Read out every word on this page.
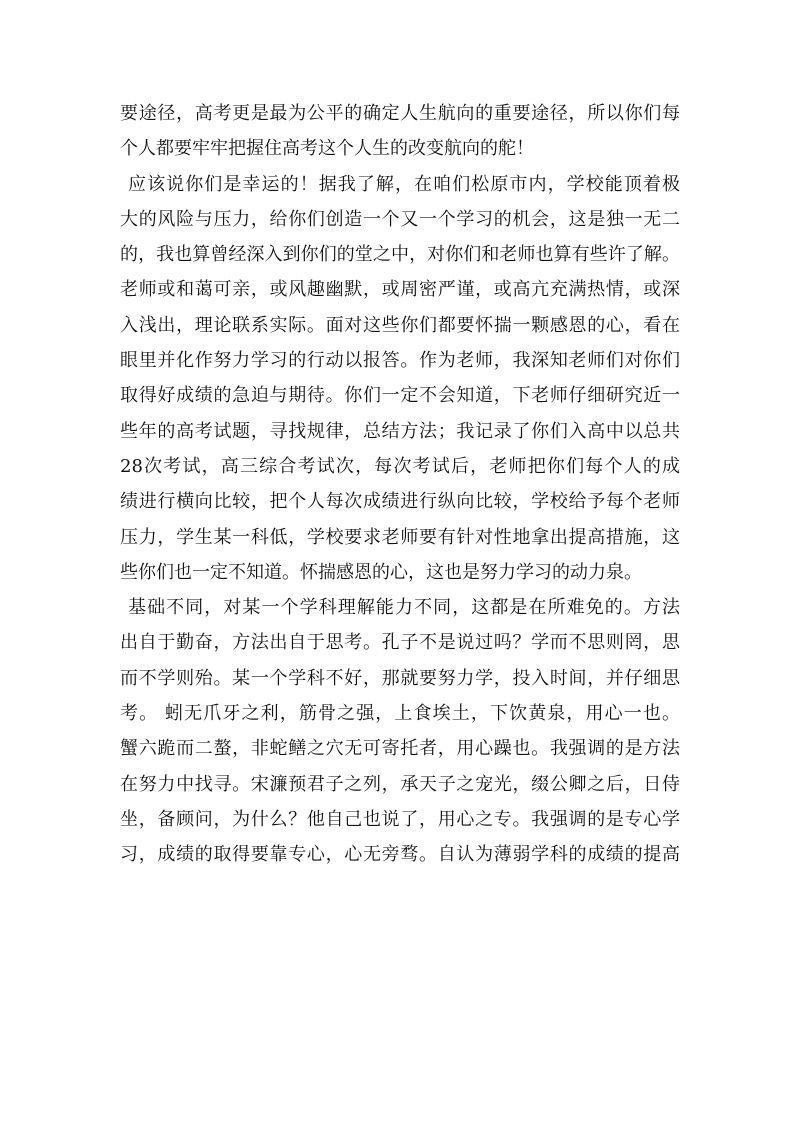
要途径，高考更是最为公平的确定人生航向的重要途径，所以你们每
个人都要牢牢把握住高考这个人生的改变航向的舵！
应该说你们是幸运的！据我了解，在咱们松原市内，学校能顶着极
大的风险与压力，给你们创造一个又一个学习的机会，这是独一无二
的，我也算曾经深入到你们的堂之中，对你们和老师也算有些许了解。
老师或和蔼可亲，或风趣幽默，或周密严谨，或高亢充满热情，或深
入浅出，理论联系实际。面对这些你们都要怀揣一颗感恩的心，看在
眼里并化作努力学习的行动以报答。作为老师，我深知老师们对你们
取得好成绩的急迫与期待。你们一定不会知道，下老师仔细研究近一
些年的高考试题，寻找规律，总结方法；我记录了你们入高中以总共
28次考试，高三综合考试次，每次考试后，老师把你们每个人的成
绩进行横向比较，把个人每次成绩进行纵向比较，学校给予每个老师
压力，学生某一科低，学校要求老师要有针对性地拿出提高措施，这
些你们也一定不知道。怀揣感恩的心，这也是努力学习的动力泉。
基础不同，对某一个学科理解能力不同，这都是在所难免的。方法
出自于勤奋，方法出自于思考。孔子不是说过吗？学而不思则罔，思
而不学则殆。某一个学科不好，那就要努力学，投入时间，并仔细思
考。 蚓无爪牙之利，筋骨之强，上食埃土，下饮黄泉，用心一也。
蟹六跪而二螯，非蛇鳝之穴无可寄托者，用心躁也。我强调的是方法
在努力中找寻。宋濂预君子之列，承天子之宠光，缀公卿之后，日侍
坐，备顾问，为什么？他自己也说了，用心之专。我强调的是专心学
习，成绩的取得要靠专心，心无旁骛。自认为薄弱学科的成绩的提高
